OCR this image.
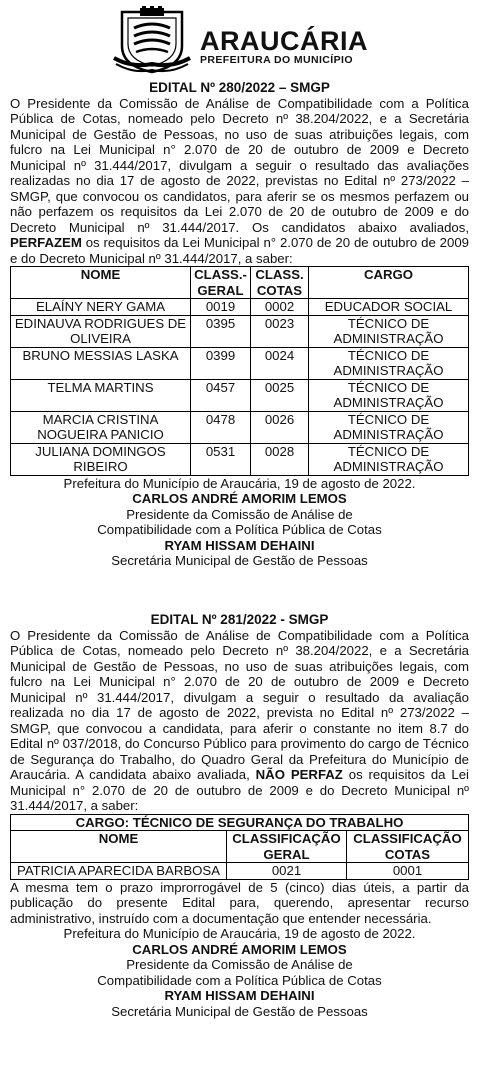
ARAUCÁRIA
PREFEITURA DO MUNICÍPIO
EDITAL Nº 280/2022 – SMGP
O Presidente da Comissão de Análise de Compatibilidade com a Política Pública de Cotas, nomeado pelo Decreto nº 38.204/2022, e a Secretária Municipal de Gestão de Pessoas, no uso de suas atribuições legais, com fulcro na Lei Municipal n° 2.070 de 20 de outubro de 2009 e Decreto Municipal nº 31.444/2017, divulgam a seguir o resultado das avaliações realizadas no dia 17 de agosto de 2022, previstas no Edital nº 273/2022 – SMGP, que convocou os candidatos, para aferir se os mesmos perfazem ou não perfazem os requisitos da Lei 2.070 de 20 de outubro de 2009 e do Decreto Municipal nº 31.444/2017. Os candidatos abaixo avaliados, PERFAZEM os requisitos da Lei Municipal n° 2.070 de 20 de outubro de 2009 e do Decreto Municipal nº 31.444/2017, a saber:
NOME	CLASS.-GERAL	CLASS. COTAS	CARGO
ELAÍNY NERY GAMA	0019	0002	EDUCADOR SOCIAL
EDINAUVA RODRIGUES DE OLIVEIRA	0395	0023	TÉCNICO DE ADMINISTRAÇÃO
BRUNO MESSIAS LASKA	0399	0024	TÉCNICO DE ADMINISTRAÇÃO
TELMA MARTINS	0457	0025	TÉCNICO DE ADMINISTRAÇÃO
MARCIA CRISTINA NOGUEIRA PANICIO	0478	0026	TÉCNICO DE ADMINISTRAÇÃO
JULIANA DOMINGOS RIBEIRO	0531	0028	TÉCNICO DE ADMINISTRAÇÃO
Prefeitura do Município de Araucária, 19 de agosto de 2022.
CARLOS ANDRÉ AMORIM LEMOS
Presidente da Comissão de Análise de
Compatibilidade com a Política Pública de Cotas
RYAM HISSAM DEHAINI
Secretária Municipal de Gestão de Pessoas
EDITAL Nº 281/2022 - SMGP
O Presidente da Comissão de Análise de Compatibilidade com a Política Pública de Cotas, nomeado pelo Decreto nº 38.204/2022, e a Secretária Municipal de Gestão de Pessoas, no uso de suas atribuições legais, com fulcro na Lei Municipal n° 2.070 de 20 de outubro de 2009 e Decreto Municipal nº 31.444/2017, divulgam a seguir o resultado da avaliação realizada no dia 17 de agosto de 2022, prevista no Edital nº 273/2022 – SMGP, que convocou a candidata, para aferir o constante no item 8.7 do Edital nº 037/2018, do Concurso Público para provimento do cargo de Técnico de Segurança do Trabalho, do Quadro Geral da Prefeitura do Município de Araucária. A candidata abaixo avaliada, NÃO PERFAZ os requisitos da Lei Municipal n° 2.070 de 20 de outubro de 2009 e do Decreto Municipal nº 31.444/2017, a saber:
CARGO: TÉCNICO DE SEGURANÇA DO TRABALHO		
NOME	CLASSIFICAÇÃO GERAL	CLASSIFICAÇÃO COTAS
PATRICIA APARECIDA BARBOSA	0021	0001
A mesma tem o prazo improrrogável de 5 (cinco) dias úteis, a partir da publicação do presente Edital para, querendo, apresentar recurso administrativo, instruído com a documentação que entender necessária.
Prefeitura do Município de Araucária, 19 de agosto de 2022.
CARLOS ANDRÉ AMORIM LEMOS
Presidente da Comissão de Análise de
Compatibilidade com a Política Pública de Cotas
RYAM HISSAM DEHAINI
Secretária Municipal de Gestão de Pessoas
